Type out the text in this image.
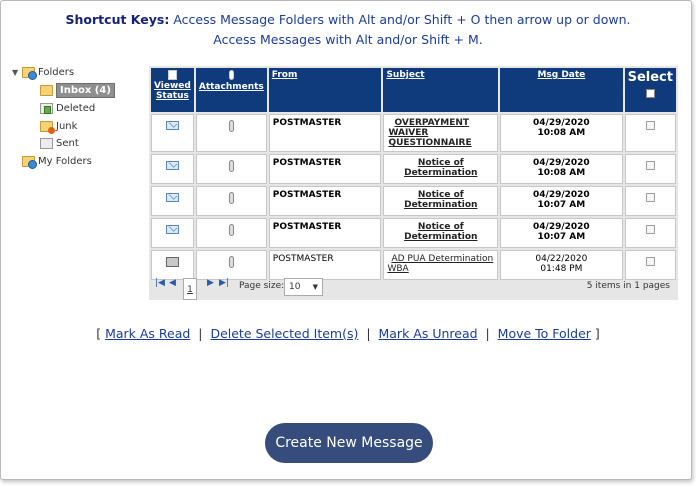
Shortcut Keys: Access Message Folders with Alt and/or Shift + O then arrow up or down.
Access Messages with Alt and/or Shift + M.
▼	Folders
Inbox (4)
Deleted
Junk
Sent
My Folders
Viewed Status	Attachments	From	Subject	Msg Date	Select

		POSTMASTER	OVERPAYMENT WAIVER QUESTIONNAIRE	04/29/2020
10:08 AM	
		POSTMASTER	Notice of Determination	04/29/2020
10:08 AM	
		POSTMASTER	Notice of Determination	04/29/2020
10:07 AM	
		POSTMASTER	Notice of Determination	04/29/2020
10:07 AM	
		POSTMASTER	AD PUA Determination WBA	04/22/2020
01:48 PM	
|◀ ◀
1
▶ ▶| Page size: 10 ▼	5 items in 1 pages
[ Mark As Read  |  Delete Selected Item(s)  |  Mark As Unread  |  Move To Folder ]
Create New Message
